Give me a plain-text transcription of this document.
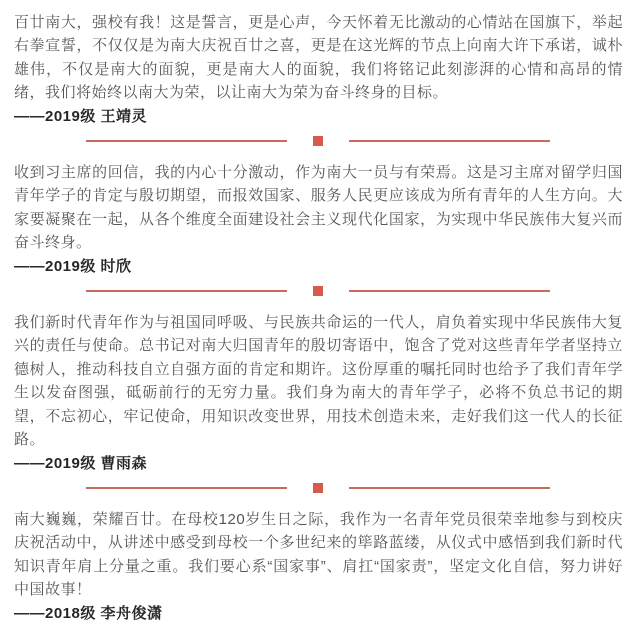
百廿南大，强校有我！这是誓言，更是心声，今天怀着无比激动的心情站在国旗下，举起右拳宣誓，不仅仅是为南大庆祝百廿之喜，更是在这光辉的节点上向南大许下承诺，诚朴雄伟，不仅是南大的面貌，更是南大人的面貌，我们将铭记此刻澎湃的心情和高昂的情绪，我们将始终以南大为荣，以让南大为荣为奋斗终身的目标。

——2019级 王靖灵

收到习主席的回信，我的内心十分激动，作为南大一员与有荣焉。这是习主席对留学归国青年学子的肯定与殷切期望，而报效国家、服务人民更应该成为所有青年的人生方向。大家要凝聚在一起，从各个维度全面建设社会主义现代化国家，为实现中华民族伟大复兴而奋斗终身。

——2019级 时欣

我们新时代青年作为与祖国同呼吸、与民族共命运的一代人，肩负着实现中华民族伟大复兴的责任与使命。总书记对南大归国青年的殷切寄语中，饱含了党对这些青年学者坚持立德树人，推动科技自立自强方面的肯定和期许。这份厚重的嘱托同时也给予了我们青年学生以发奋图强，砥砺前行的无穷力量。我们身为南大的青年学子，必将不负总书记的期望，不忘初心，牢记使命，用知识改变世界，用技术创造未来，走好我们这一代人的长征路。

——2019级 曹雨森

南大巍巍，荣耀百廿。在母校120岁生日之际，我作为一名青年党员很荣幸地参与到校庆庆祝活动中，从讲述中感受到母校一个多世纪来的筚路蓝缕，从仪式中感悟到我们新时代知识青年肩上分量之重。我们要心系“国家事”、肩扛“国家责”，坚定文化自信，努力讲好中国故事！

——2018级 李舟俊潇
